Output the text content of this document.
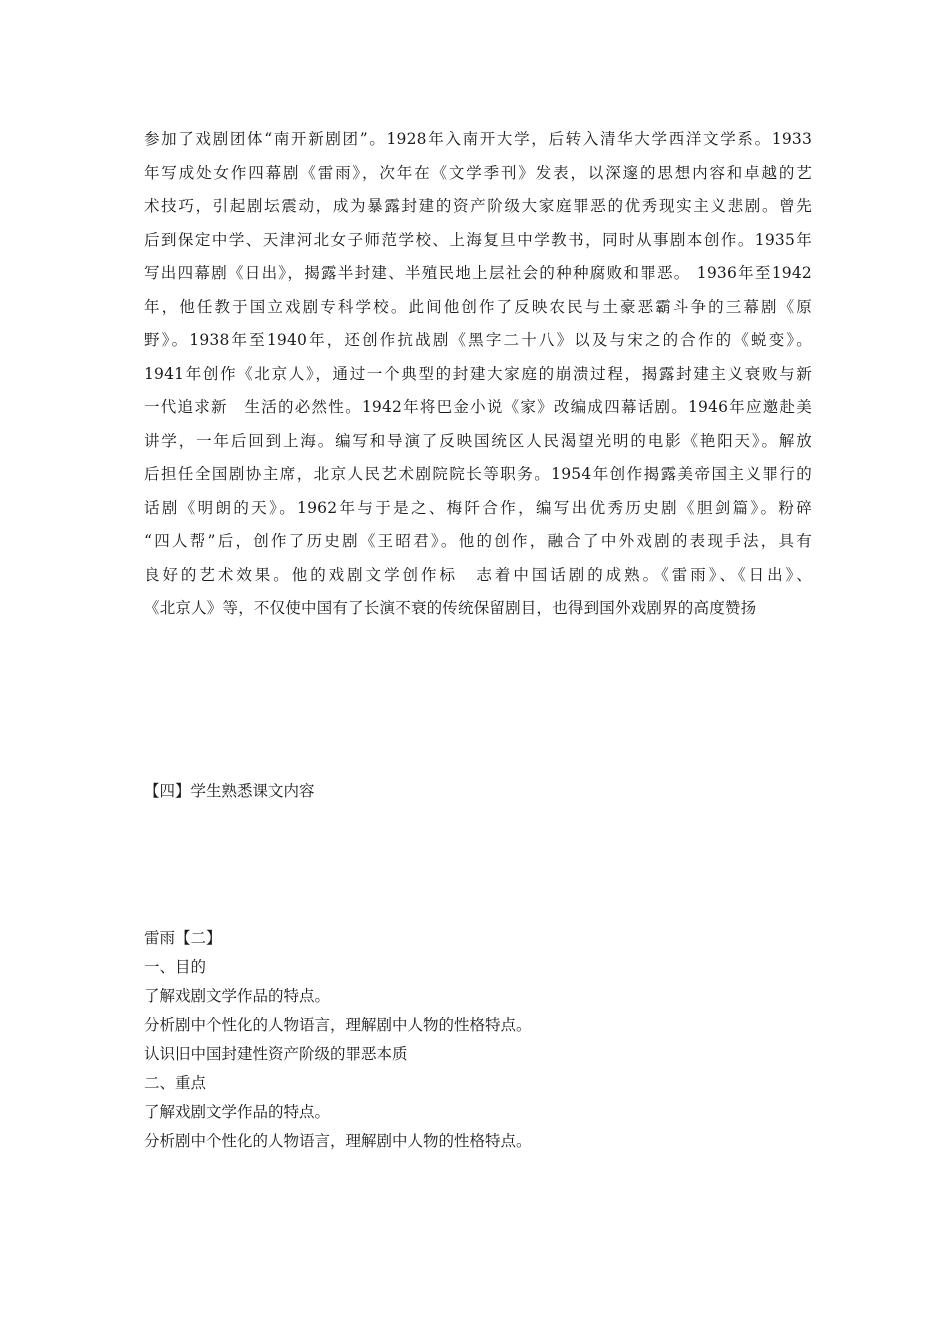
参加了戏剧团体“南开新剧团”。1928年入南开大学，后转入清华大学西洋文学系。1933
年写成处女作四幕剧《雷雨》，次年在《文学季刊》发表，以深邃的思想内容和卓越的艺
术技巧，引起剧坛震动，成为暴露封建的资产阶级大家庭罪恶的优秀现实主义悲剧。曾先
后到保定中学、天津河北女子师范学校、上海复旦中学教书，同时从事剧本创作。1935年
写出四幕剧《日出》，揭露半封建、半殖民地上层社会的种种腐败和罪恶。 1936年至1942
年，他任教于国立戏剧专科学校。此间他创作了反映农民与土豪恶霸斗争的三幕剧《原
野》。1938年至1940年，还创作抗战剧《黑字二十八》以及与宋之的合作的《蜕变》。
1941年创作《北京人》，通过一个典型的封建大家庭的崩溃过程，揭露封建主义衰败与新
一代追求新　生活的必然性。1942年将巴金小说《家》改编成四幕话剧。1946年应邀赴美
讲学，一年后回到上海。编写和导演了反映国统区人民渴望光明的电影《艳阳天》。解放
后担任全国剧协主席，北京人民艺术剧院院长等职务。1954年创作揭露美帝国主义罪行的
话剧《明朗的天》。1962年与于是之、梅阡合作，编写出优秀历史剧《胆剑篇》。粉碎
“四人帮”后，创作了历史剧《王昭君》。他的创作，融合了中外戏剧的表现手法，具有
良好的艺术效果。他的戏剧文学创作标　志着中国话剧的成熟。《雷雨》、《日出》、
《北京人》等，不仅使中国有了长演不衰的传统保留剧目，也得到国外戏剧界的高度赞扬
【四】学生熟悉课文内容
雷雨【二】
一、目的
了解戏剧文学作品的特点。
分析剧中个性化的人物语言，理解剧中人物的性格特点。
认识旧中国封建性资产阶级的罪恶本质
二、重点
了解戏剧文学作品的特点。
分析剧中个性化的人物语言，理解剧中人物的性格特点。
